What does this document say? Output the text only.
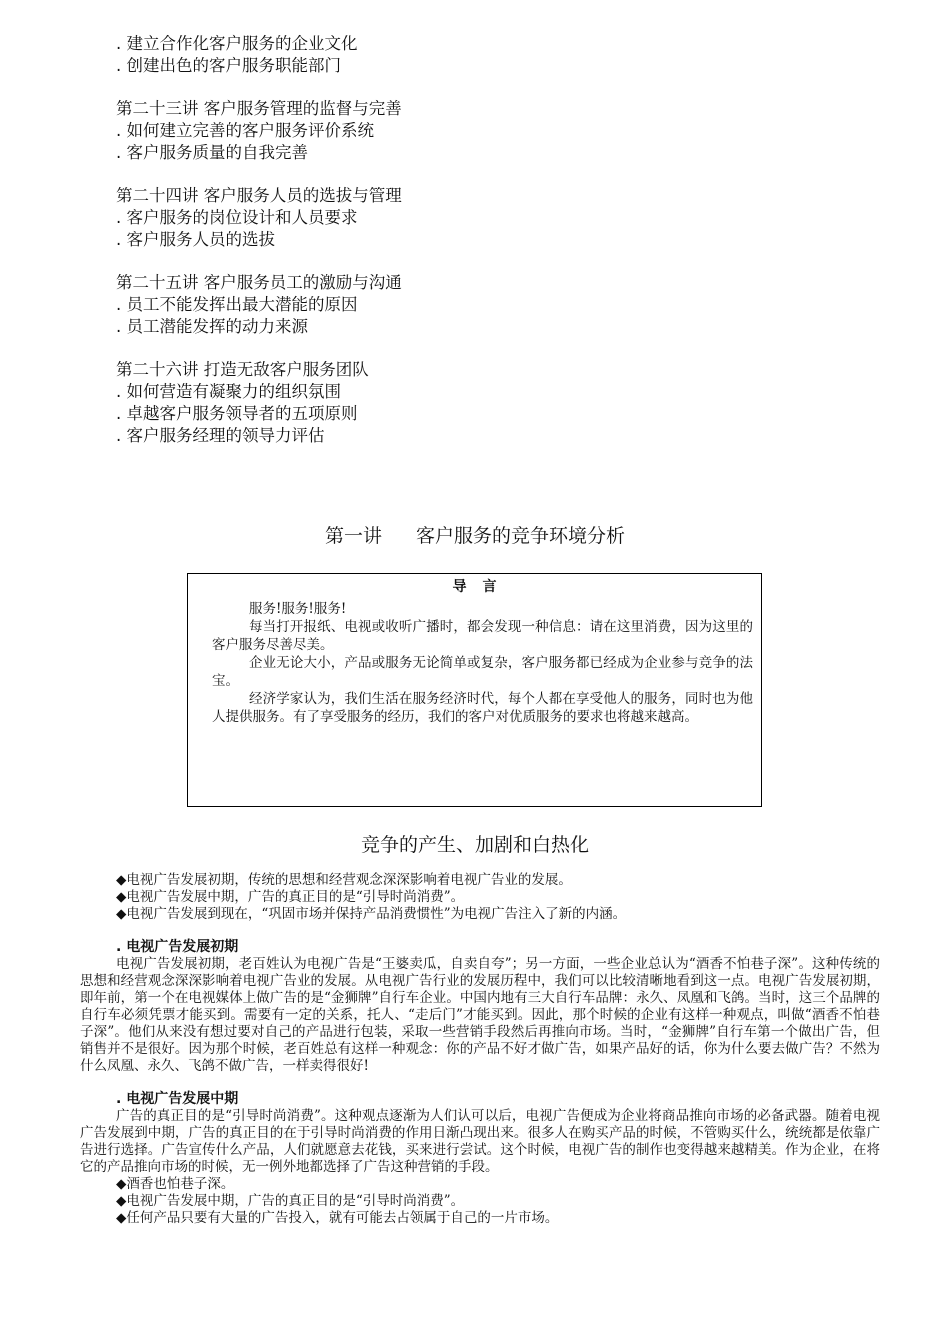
. 建立合作化客户服务的企业文化
. 创建出色的客户服务职能部门
第二十三讲 客户服务管理的监督与完善
. 如何建立完善的客户服务评价系统
. 客户服务质量的自我完善
第二十四讲 客户服务人员的选拔与管理
. 客户服务的岗位设计和人员要求
. 客户服务人员的选拔
第二十五讲 客户服务员工的激励与沟通
. 员工不能发挥出最大潜能的原因
. 员工潜能发挥的动力来源
第二十六讲 打造无敌客户服务团队
. 如何营造有凝聚力的组织氛围
. 卓越客户服务领导者的五项原则
. 客户服务经理的领导力评估
第一讲 客户服务的竞争环境分析
导言
服务!服务!服务!
每当打开报纸、电视或收听广播时，都会发现一种信息：请在这里消费，因为这里的客户服务尽善尽美。
企业无论大小，产品或服务无论简单或复杂，客户服务都已经成为企业参与竞争的法宝。
经济学家认为，我们生活在服务经济时代，每个人都在享受他人的服务，同时也为他人提供服务。有了享受服务的经历，我们的客户对优质服务的要求也将越来越高。
竞争的产生、加剧和白热化
◆电视广告发展初期，传统的思想和经营观念深深影响着电视广告业的发展。
◆电视广告发展中期，广告的真正目的是“引导时尚消费”。
◆电视广告发展到现在，“巩固市场并保持产品消费惯性”为电视广告注入了新的内涵。
. 电视广告发展初期
电视广告发展初期，老百姓认为电视广告是“王婆卖瓜，自卖自夸”；另一方面，一些企业总认为“酒香不怕巷子深”。这种传统的思想和经营观念深深影响着电视广告业的发展。从电视广告行业的发展历程中，我们可以比较清晰地看到这一点。电视广告发展初期，即年前，第一个在电视媒体上做广告的是“金狮牌”自行车企业。中国内地有三大自行车品牌：永久、凤凰和飞鸽。当时，这三个品牌的自行车必须凭票才能买到。需要有一定的关系，托人、“走后门”才能买到。因此，那个时候的企业有这样一种观点，叫做“酒香不怕巷子深”。他们从来没有想过要对自己的产品进行包装，采取一些营销手段然后再推向市场。当时，“金狮牌”自行车第一个做出广告，但销售并不是很好。因为那个时候，老百姓总有这样一种观念：你的产品不好才做广告，如果产品好的话，你为什么要去做广告？不然为什么凤凰、永久、飞鸽不做广告，一样卖得很好!
. 电视广告发展中期
广告的真正目的是“引导时尚消费”。这种观点逐渐为人们认可以后，电视广告便成为企业将商品推向市场的必备武器。随着电视广告发展到中期，广告的真正目的在于引导时尚消费的作用日渐凸现出来。很多人在购买产品的时候，不管购买什么，统统都是依靠广告进行选择。广告宣传什么产品，人们就愿意去花钱，买来进行尝试。这个时候，电视广告的制作也变得越来越精美。作为企业，在将它的产品推向市场的时候，无一例外地都选择了广告这种营销的手段。
◆酒香也怕巷子深。
◆电视广告发展中期，广告的真正目的是“引导时尚消费”。
◆任何产品只要有大量的广告投入，就有可能去占领属于自己的一片市场。
